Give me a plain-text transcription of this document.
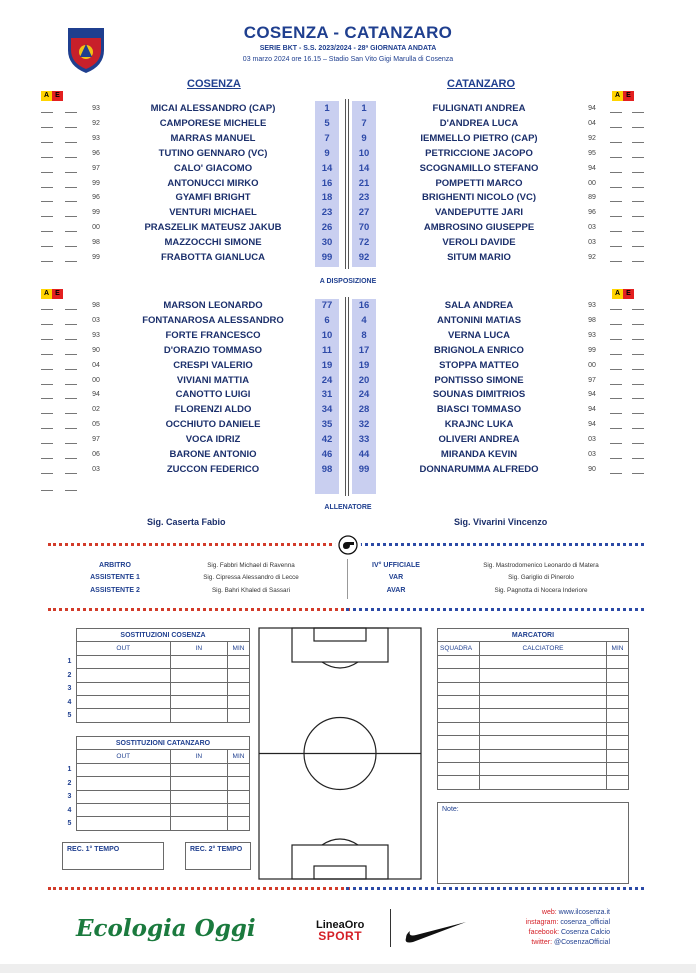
COSENZA - CATANZARO
SERIE BKT - S.S. 2023/2024 - 28ª GIORNATA ANDATA
03 marzo 2024 ore 16.15 – Stadio San Vito Gigi Marulla di Cosenza
COSENZA	CATANZARO
A E	A E
93	MICAI ALESSANDRO (CAP)	1	1	FULIGNATI ANDREA	94
92	CAMPORESE MICHELE	5	7	D'ANDREA LUCA	04
93	MARRAS MANUEL	7	9	IEMMELLO PIETRO (CAP)	92
96	TUTINO GENNARO (VC)	9	10	PETRICCIONE JACOPO	95
97	CALO' GIACOMO	14	14	SCOGNAMILLO STEFANO	94
99	ANTONUCCI MIRKO	16	21	POMPETTI MARCO	00
96	GYAMFI BRIGHT	18	23	BRIGHENTI NICOLO (VC)	89
99	VENTURI MICHAEL	23	27	VANDEPUTTE JARI	96
00	PRASZELIK MATEUSZ JAKUB	26	70	AMBROSINO GIUSEPPE	03
98	MAZZOCCHI SIMONE	30	72	VEROLI DAVIDE	03
99	FRABOTTA GIANLUCA	99	92	SITUM MARIO	92
A DISPOSIZIONE
A E	A E
98	MARSON LEONARDO	77	16	SALA ANDREA	93
03	FONTANAROSA ALESSANDRO	6	4	ANTONINI MATIAS	98
93	FORTE FRANCESCO	10	8	VERNA LUCA	93
90	D'ORAZIO TOMMASO	11	17	BRIGNOLA ENRICO	99
04	CRESPI VALERIO	19	19	STOPPA MATTEO	00
00	VIVIANI MATTIA	24	20	PONTISSO SIMONE	97
94	CANOTTO LUIGI	31	24	SOUNAS DIMITRIOS	94
02	FLORENZI ALDO	34	28	BIASCI TOMMASO	94
05	OCCHIUTO DANIELE	35	32	KRAJNC LUKA	94
97	VOCA IDRIZ	42	33	OLIVERI ANDREA	03
06	BARONE ANTONIO	46	44	MIRANDA KEVIN	03
03	ZUCCON FEDERICO	98	99	DONNARUMMA ALFREDO	90
ALLENATORE
Sig. Caserta Fabio	Sig. Vivarini Vincenzo
ARBITRO	Sig. Fabbri Michael di Ravenna
ASSISTENTE 1	Sig. Cipressa Alessandro di Lecce
ASSISTENTE 2	Sig. Bahri Khaled di Sassari
IV° UFFICIALE	Sig. Mastrodomenico Leonardo di Matera
VAR	Sig. Gariglio di Pinerolo
AVAR	Sig. Pagnotta di Nocera Inderiore
	SOSTITUZIONI COSENZA		
	OUT	IN	MIN
1			
2			
3			
4			
5			
	SOSTITUZIONI CATANZARO		
	OUT	IN	MIN
1			
2			
3			
4			
5			
REC. 1° TEMPO	REC. 2° TEMPO
MARCATORI		
SQUADRA	CALCIATORE	MIN

Note:
Ecologia Oggi	LineaOro
SPORT
web: www.ilcosenza.it
instagram: cosenza_official
facebook: Cosenza Calcio
twitter: @CosenzaOfficial
